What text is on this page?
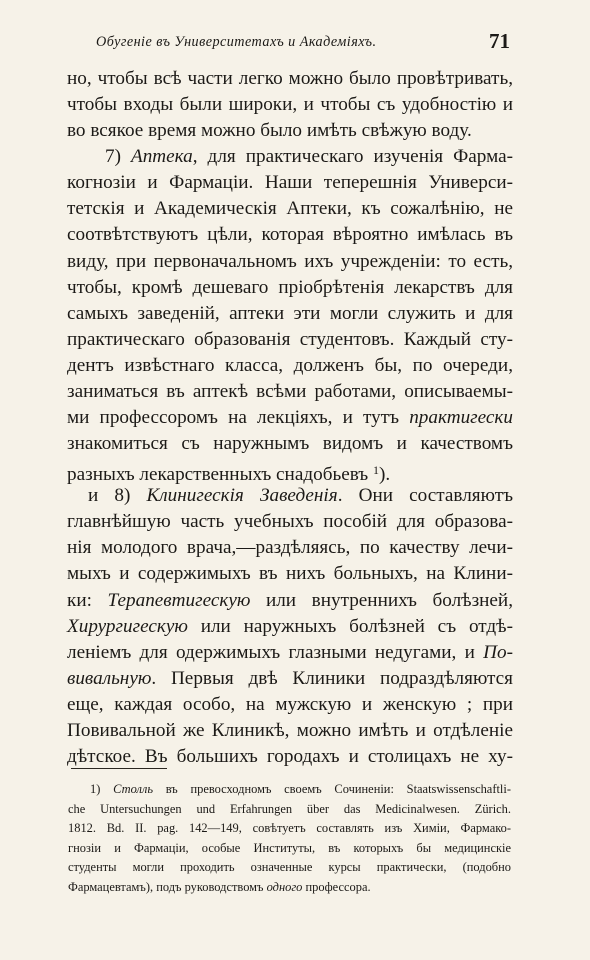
Обугеніе въ Университетахъ и Академіяхъ.	71
но, чтобы всѣ части легко можно было провѣтривать,
чтобы входы были широки, и чтобы съ удобностію и
во всякое время можно было имѣть свѣжую воду.
7) Аптека, для практическаго изученія Фарма-
когнозіи и Фармаціи. Наши теперешнія Универси-
тетскія и Академическія Аптеки, къ сожалѣнію, не
соотвѣтствуютъ цѣли, которая вѣроятно имѣлась въ
виду, при первоначальномъ ихъ учрежденіи: то есть,
чтобы, кромѣ дешеваго пріобрѣтенія лекарствъ для
самыхъ заведеній, аптеки эти могли служить и для
практическаго образованія студентовъ. Каждый сту-
дентъ извѣстнаго класса, долженъ бы, по очереди,
заниматься въ аптекѣ всѣми работами, описываемы-
ми профессоромъ на лекціяхъ, и тутъ практигески
знакомиться съ наружнымъ видомъ и качествомъ
разныхъ лекарственныхъ снадобьевъ $^1$).
и 8) Клинигескія Заведенія. Они составляютъ
главнѣйшую часть учебныхъ пособій для образова-
нія молодого врача,—раздѣляясь, по качеству лечи-
мыхъ и содержимыхъ въ нихъ больныхъ, на Клини-
ки: Терапевтигескую или внутреннихъ болѣзней,
Хирургигескую или наружныхъ болѣзней съ отдѣ-
леніемъ для одержимыхъ глазными недугами, и По-
вивальную. Первыя двѣ Клиники подраздѣляются
еще, каждая особо, на мужскую и женскую ; при
Повивальной же Клиникѣ, можно имѣть и отдѣленіе
дѣтское. Въ большихъ городахъ и столицахъ не ху-
1) Столль въ превосходномъ своемъ Сочиненіи: Staatswissenschaftli-
che Untersuchungen und Erfahrungen über das Medicinalwesen. Zürich.
1812. Bd. II. pag. 142—149, совѣтуетъ составлять изъ Химіи, Фармако-
гнозіи и Фармаціи, особые Институты, въ которыхъ бы медицинскіе
студенты могли проходить означенные курсы практически, (подобно
Фармацевтамъ), подъ руководствомъ одного профессора.
